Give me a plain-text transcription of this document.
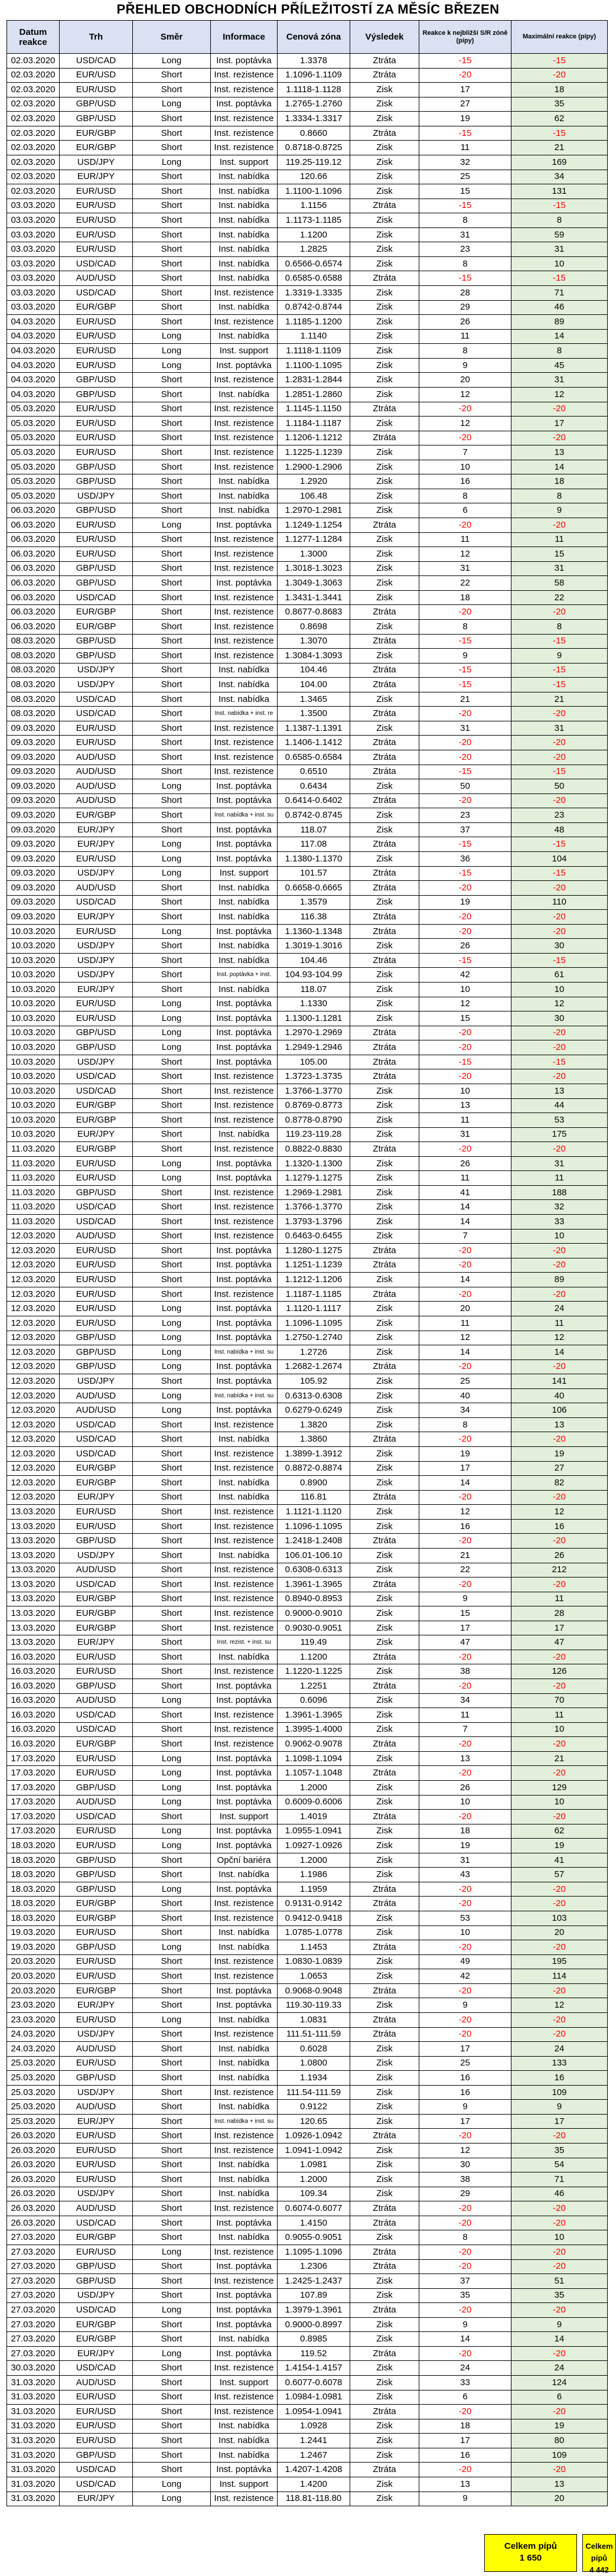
PŘEHLED OBCHODNÍCH PŘÍLEŽITOSTÍ ZA MĚSÍC BŘEZEN
Datum reakce	Trh	Směr	Informace	Cenová zóna	Výsledek	Reakce k nejbližší S/R zóně (pípy)	Maximální reakce (pípy)
02.03.2020	USD/CAD	Long	Inst. poptávka	1.3378	Ztráta	-15	-15
02.03.2020	EUR/USD	Short	Inst. rezistence	1.1096-1.1109	Ztráta	-20	-20
02.03.2020	EUR/USD	Short	Inst. rezistence	1.1118-1.1128	Zisk	17	18
02.03.2020	GBP/USD	Long	Inst. poptávka	1.2765-1.2760	Zisk	27	35
02.03.2020	GBP/USD	Short	Inst. rezistence	1.3334-1.3317	Zisk	19	62
02.03.2020	EUR/GBP	Short	Inst. rezistence	0.8660	Ztráta	-15	-15
02.03.2020	EUR/GBP	Short	Inst. rezistence	0.8718-0.8725	Zisk	11	21
02.03.2020	USD/JPY	Long	Inst. support	119.25-119.12	Zisk	32	169
02.03.2020	EUR/JPY	Short	Inst. nabídka	120.66	Zisk	25	34
02.03.2020	EUR/USD	Short	Inst. nabídka	1.1100-1.1096	Zisk	15	131
03.03.2020	EUR/USD	Short	Inst. nabídka	1.1156	Ztráta	-15	-15
03.03.2020	EUR/USD	Short	Inst. nabídka	1.1173-1.1185	Zisk	8	8
03.03.2020	EUR/USD	Short	Inst. nabídka	1.1200	Zisk	31	59
03.03.2020	EUR/USD	Short	Inst. nabídka	1.2825	Zisk	23	31
03.03.2020	USD/CAD	Short	Inst. nabídka	0.6566-0.6574	Zisk	8	10
03.03.2020	AUD/USD	Short	Inst. nabídka	0.6585-0.6588	Ztráta	-15	-15
03.03.2020	USD/CAD	Short	Inst. rezistence	1.3319-1.3335	Zisk	28	71
03.03.2020	EUR/GBP	Short	Inst. nabídka	0.8742-0.8744	Zisk	29	46
04.03.2020	EUR/USD	Short	Inst. rezistence	1.1185-1.1200	Zisk	26	89
04.03.2020	EUR/USD	Long	Inst. nabídka	1.1140	Zisk	11	14
04.03.2020	EUR/USD	Long	Inst. support	1.1118-1.1109	Zisk	8	8
04.03.2020	EUR/USD	Long	Inst. poptávka	1.1100-1.1095	Zisk	9	45
04.03.2020	GBP/USD	Short	Inst. rezistence	1.2831-1.2844	Zisk	20	31
04.03.2020	GBP/USD	Short	Inst. nabídka	1.2851-1.2860	Zisk	12	12
05.03.2020	EUR/USD	Short	Inst. rezistence	1.1145-1.1150	Ztráta	-20	-20
05.03.2020	EUR/USD	Short	Inst. rezistence	1.1184-1.1187	Zisk	12	17
05.03.2020	EUR/USD	Short	Inst. rezistence	1.1206-1.1212	Ztráta	-20	-20
05.03.2020	EUR/USD	Short	Inst. rezistence	1.1225-1.1239	Zisk	7	13
05.03.2020	GBP/USD	Short	Inst. rezistence	1.2900-1.2906	Zisk	10	14
05.03.2020	GBP/USD	Short	Inst. nabídka	1.2920	Zisk	16	18
05.03.2020	USD/JPY	Short	Inst. nabídka	106.48	Zisk	8	8
06.03.2020	GBP/USD	Short	Inst. nabídka	1.2970-1.2981	Zisk	6	9
06.03.2020	EUR/USD	Long	Inst. poptávka	1.1249-1.1254	Ztráta	-20	-20
06.03.2020	EUR/USD	Short	Inst. rezistence	1.1277-1.1284	Zisk	11	11
06.03.2020	EUR/USD	Short	Inst. rezistence	1.3000	Zisk	12	15
06.03.2020	GBP/USD	Short	Inst. rezistence	1.3018-1.3023	Zisk	31	31
06.03.2020	GBP/USD	Short	Inst. poptávka	1.3049-1.3063	Zisk	22	58
06.03.2020	USD/CAD	Short	Inst. rezistence	1.3431-1.3441	Zisk	18	22
06.03.2020	EUR/GBP	Short	Inst. rezistence	0.8677-0.8683	Ztráta	-20	-20
06.03.2020	EUR/GBP	Short	Inst. rezistence	0.8698	Zisk	8	8
08.03.2020	GBP/USD	Short	Inst. rezistence	1.3070	Ztráta	-15	-15
08.03.2020	GBP/USD	Short	Inst. rezistence	1.3084-1.3093	Zisk	9	9
08.03.2020	USD/JPY	Short	Inst. nabídka	104.46	Ztráta	-15	-15
08.03.2020	USD/JPY	Short	Inst. nabídka	104.00	Ztráta	-15	-15
08.03.2020	USD/CAD	Short	Inst. nabídka	1.3465	Zisk	21	21
08.03.2020	USD/CAD	Short	Inst. nabídka + inst. re	1.3500	Ztráta	-20	-20
09.03.2020	EUR/USD	Short	Inst. rezistence	1.1387-1.1391	Zisk	31	31
09.03.2020	EUR/USD	Short	Inst. rezistence	1.1406-1.1412	Ztráta	-20	-20
09.03.2020	AUD/USD	Short	Inst. rezistence	0.6585-0.6584	Ztráta	-20	-20
09.03.2020	AUD/USD	Short	Inst. rezistence	0.6510	Ztráta	-15	-15
09.03.2020	AUD/USD	Long	Inst. poptávka	0.6434	Zisk	50	50
09.03.2020	AUD/USD	Short	Inst. poptávka	0.6414-0.6402	Ztráta	-20	-20
09.03.2020	EUR/GBP	Short	Inst. nabídka + inst. su	0.8742-0.8745	Zisk	23	23
09.03.2020	EUR/JPY	Short	Inst. poptávka	118.07	Zisk	37	48
09.03.2020	EUR/JPY	Long	Inst. poptávka	117.08	Ztráta	-15	-15
09.03.2020	EUR/USD	Long	Inst. poptávka	1.1380-1.1370	Zisk	36	104
09.03.2020	USD/JPY	Long	Inst. support	101.57	Ztráta	-15	-15
09.03.2020	AUD/USD	Short	Inst. nabídka	0.6658-0.6665	Ztráta	-20	-20
09.03.2020	USD/CAD	Short	Inst. nabídka	1.3579	Zisk	19	110
09.03.2020	EUR/JPY	Short	Inst. nabídka	116.38	Ztráta	-20	-20
10.03.2020	EUR/USD	Long	Inst. poptávka	1.1360-1.1348	Ztráta	-20	-20
10.03.2020	USD/JPY	Short	Inst. nabídka	1.3019-1.3016	Zisk	26	30
10.03.2020	USD/JPY	Short	Inst. nabídka	104.46	Ztráta	-15	-15
10.03.2020	USD/JPY	Short	Inst. poptávka + inst.	104.93-104.99	Zisk	42	61
10.03.2020	EUR/JPY	Short	Inst. nabídka	118.07	Zisk	10	10
10.03.2020	EUR/USD	Long	Inst. poptávka	1.1330	Zisk	12	12
10.03.2020	EUR/USD	Long	Inst. poptávka	1.1300-1.1281	Zisk	15	30
10.03.2020	GBP/USD	Long	Inst. poptávka	1.2970-1.2969	Ztráta	-20	-20
10.03.2020	GBP/USD	Long	Inst. poptávka	1.2949-1.2946	Ztráta	-20	-20
10.03.2020	USD/JPY	Short	Inst. poptávka	105.00	Ztráta	-15	-15
10.03.2020	USD/CAD	Short	Inst. rezistence	1.3723-1.3735	Ztráta	-20	-20
10.03.2020	USD/CAD	Short	Inst. rezistence	1.3766-1.3770	Zisk	10	13
10.03.2020	EUR/GBP	Short	Inst. rezistence	0.8769-0.8773	Zisk	13	44
10.03.2020	EUR/GBP	Short	Inst. rezistence	0.8778-0.8790	Zisk	11	53
10.03.2020	EUR/JPY	Short	Inst. nabídka	119.23-119.28	Zisk	31	175
11.03.2020	EUR/GBP	Short	Inst. rezistence	0.8822-0.8830	Ztráta	-20	-20
11.03.2020	EUR/USD	Long	Inst. poptávka	1.1320-1.1300	Zisk	26	31
11.03.2020	EUR/USD	Long	Inst. poptávka	1.1279-1.1275	Zisk	11	11
11.03.2020	GBP/USD	Short	Inst. rezistence	1.2969-1.2981	Zisk	41	188
11.03.2020	USD/CAD	Short	Inst. rezistence	1.3766-1.3770	Zisk	14	32
11.03.2020	USD/CAD	Short	Inst. rezistence	1.3793-1.3796	Zisk	14	33
12.03.2020	AUD/USD	Short	Inst. rezistence	0.6463-0.6455	Zisk	7	10
12.03.2020	EUR/USD	Short	Inst. poptávka	1.1280-1.1275	Ztráta	-20	-20
12.03.2020	EUR/USD	Short	Inst. poptávka	1.1251-1.1239	Ztráta	-20	-20
12.03.2020	EUR/USD	Short	Inst. poptávka	1.1212-1.1206	Zisk	14	89
12.03.2020	EUR/USD	Short	Inst. rezistence	1.1187-1.1185	Ztráta	-20	-20
12.03.2020	EUR/USD	Long	Inst. poptávka	1.1120-1.1117	Zisk	20	24
12.03.2020	EUR/USD	Long	Inst. poptávka	1.1096-1.1095	Zisk	11	11
12.03.2020	GBP/USD	Long	Inst. poptávka	1.2750-1.2740	Zisk	12	12
12.03.2020	GBP/USD	Long	Inst. nabídka + inst. su	1.2726	Zisk	14	14
12.03.2020	GBP/USD	Long	Inst. poptávka	1.2682-1.2674	Ztráta	-20	-20
12.03.2020	USD/JPY	Short	Inst. poptávka	105.92	Zisk	25	141
12.03.2020	AUD/USD	Long	Inst. nabídka + inst. su	0.6313-0.6308	Zisk	40	40
12.03.2020	AUD/USD	Long	Inst. poptávka	0.6279-0.6249	Zisk	34	106
12.03.2020	USD/CAD	Short	Inst. rezistence	1.3820	Zisk	8	13
12.03.2020	USD/CAD	Short	Inst. nabídka	1.3860	Ztráta	-20	-20
12.03.2020	USD/CAD	Short	Inst. rezistence	1.3899-1.3912	Zisk	19	19
12.03.2020	EUR/GBP	Short	Inst. rezistence	0.8872-0.8874	Zisk	17	27
12.03.2020	EUR/GBP	Short	Inst. nabídka	0.8900	Zisk	14	82
12.03.2020	EUR/JPY	Short	Inst. nabídka	116.81	Ztráta	-20	-20
13.03.2020	EUR/USD	Short	Inst. rezistence	1.1121-1.1120	Zisk	12	12
13.03.2020	EUR/USD	Short	Inst. rezistence	1.1096-1.1095	Zisk	16	16
13.03.2020	GBP/USD	Short	Inst. rezistence	1.2418-1.2408	Ztráta	-20	-20
13.03.2020	USD/JPY	Short	Inst. nabídka	106.01-106.10	Zisk	21	26
13.03.2020	AUD/USD	Short	Inst. rezistence	0.6308-0.6313	Zisk	22	212
13.03.2020	USD/CAD	Short	Inst. rezistence	1.3961-1.3965	Ztráta	-20	-20
13.03.2020	EUR/GBP	Short	Inst. rezistence	0.8940-0.8953	Zisk	9	11
13.03.2020	EUR/GBP	Short	Inst. rezistence	0.9000-0.9010	Zisk	15	28
13.03.2020	EUR/GBP	Short	Inst. rezistence	0.9030-0.9051	Zisk	17	17
13.03.2020	EUR/JPY	Short	Inst. rezist. + inst. su	119.49	Zisk	47	47
16.03.2020	EUR/USD	Short	Inst. nabídka	1.1200	Ztráta	-20	-20
16.03.2020	EUR/USD	Short	Inst. rezistence	1.1220-1.1225	Zisk	38	126
16.03.2020	GBP/USD	Short	Inst. poptávka	1.2251	Ztráta	-20	-20
16.03.2020	AUD/USD	Long	Inst. poptávka	0.6096	Zisk	34	70
16.03.2020	USD/CAD	Short	Inst. rezistence	1.3961-1.3965	Zisk	11	11
16.03.2020	USD/CAD	Short	Inst. rezistence	1.3995-1.4000	Zisk	7	10
16.03.2020	EUR/GBP	Short	Inst. rezistence	0.9062-0.9078	Ztráta	-20	-20
17.03.2020	EUR/USD	Long	Inst. poptávka	1.1098-1.1094	Zisk	13	21
17.03.2020	EUR/USD	Long	Inst. poptávka	1.1057-1.1048	Ztráta	-20	-20
17.03.2020	GBP/USD	Long	Inst. poptávka	1.2000	Zisk	26	129
17.03.2020	AUD/USD	Long	Inst. poptávka	0.6009-0.6006	Zisk	10	10
17.03.2020	USD/CAD	Short	Inst. support	1.4019	Ztráta	-20	-20
17.03.2020	EUR/USD	Long	Inst. poptávka	1.0955-1.0941	Zisk	18	62
18.03.2020	EUR/USD	Long	Inst. poptávka	1.0927-1.0926	Zisk	19	19
18.03.2020	GBP/USD	Short	Opční bariéra	1.2000	Zisk	31	41
18.03.2020	GBP/USD	Short	Inst. nabídka	1.1986	Zisk	43	57
18.03.2020	GBP/USD	Long	Inst. poptávka	1.1959	Ztráta	-20	-20
18.03.2020	EUR/GBP	Short	Inst. rezistence	0.9131-0.9142	Ztráta	-20	-20
18.03.2020	EUR/GBP	Short	Inst. rezistence	0.9412-0.9418	Zisk	53	103
19.03.2020	EUR/USD	Short	Inst. nabídka	1.0785-1.0778	Zisk	10	20
19.03.2020	GBP/USD	Long	Inst. nabídka	1.1453	Ztráta	-20	-20
20.03.2020	EUR/USD	Short	Inst. rezistence	1.0830-1.0839	Zisk	49	195
20.03.2020	EUR/USD	Short	Inst. rezistence	1.0653	Zisk	42	114
20.03.2020	EUR/GBP	Short	Inst. poptávka	0.9068-0.9048	Ztráta	-20	-20
23.03.2020	EUR/JPY	Short	Inst. poptávka	119.30-119.33	Zisk	9	12
23.03.2020	EUR/USD	Long	Inst. nabídka	1.0831	Ztráta	-20	-20
24.03.2020	USD/JPY	Short	Inst. rezistence	111.51-111.59	Ztráta	-20	-20
24.03.2020	AUD/USD	Short	Inst. nabídka	0.6028	Zisk	17	24
25.03.2020	EUR/USD	Short	Inst. nabídka	1.0800	Zisk	25	133
25.03.2020	GBP/USD	Short	Inst. nabídka	1.1934	Zisk	16	16
25.03.2020	USD/JPY	Short	Inst. rezistence	111.54-111.59	Zisk	16	109
25.03.2020	AUD/USD	Short	Inst. nabídka	0.9122	Zisk	9	9
25.03.2020	EUR/JPY	Short	Inst. nabídka + inst. su	120.65	Zisk	17	17
26.03.2020	EUR/USD	Short	Inst. rezistence	1.0926-1.0942	Ztráta	-20	-20
26.03.2020	EUR/USD	Short	Inst. rezistence	1.0941-1.0942	Zisk	12	35
26.03.2020	EUR/USD	Short	Inst. nabídka	1.0981	Zisk	30	54
26.03.2020	EUR/USD	Short	Inst. nabídka	1.2000	Zisk	38	71
26.03.2020	USD/JPY	Short	Inst. nabídka	109.34	Zisk	29	46
26.03.2020	AUD/USD	Short	Inst. rezistence	0.6074-0.6077	Ztráta	-20	-20
26.03.2020	USD/CAD	Short	Inst. poptávka	1.4150	Ztráta	-20	-20
27.03.2020	EUR/GBP	Short	Inst. nabídka	0.9055-0.9051	Zisk	8	10
27.03.2020	EUR/USD	Long	Inst. rezistence	1.1095-1.1096	Ztráta	-20	-20
27.03.2020	GBP/USD	Short	Inst. poptávka	1.2306	Ztráta	-20	-20
27.03.2020	GBP/USD	Short	Inst. rezistence	1.2425-1.2437	Zisk	37	51
27.03.2020	USD/JPY	Short	Inst. poptávka	107.89	Zisk	35	35
27.03.2020	USD/CAD	Long	Inst. poptávka	1.3979-1.3961	Ztráta	-20	-20
27.03.2020	EUR/GBP	Short	Inst. poptávka	0.9000-0.8997	Zisk	9	9
27.03.2020	EUR/GBP	Short	Inst. nabídka	0.8985	Zisk	14	14
27.03.2020	EUR/JPY	Long	Inst. poptávka	119.52	Ztráta	-20	-20
30.03.2020	USD/CAD	Short	Inst. rezistence	1.4154-1.4157	Zisk	24	24
31.03.2020	AUD/USD	Short	Inst. support	0.6077-0.6078	Zisk	33	124
31.03.2020	EUR/USD	Short	Inst. rezistence	1.0984-1.0981	Zisk	6	6
31.03.2020	EUR/USD	Short	Inst. rezistence	1.0954-1.0941	Ztráta	-20	-20
31.03.2020	EUR/USD	Short	Inst. nabídka	1.0928	Zisk	18	19
31.03.2020	EUR/USD	Short	Inst. nabídka	1.2441	Zisk	17	80
31.03.2020	GBP/USD	Short	Inst. nabídka	1.2467	Zisk	16	109
31.03.2020	USD/CAD	Short	Inst. poptávka	1.4207-1.4208	Ztráta	-20	-20
31.03.2020	USD/CAD	Long	Inst. support	1.4200	Zisk	13	13
31.03.2020	EUR/JPY	Long	Inst. rezistence	118.81-118.80	Zisk	9	20
Celkem pípů
1 650
Celkem pípů
4 442
